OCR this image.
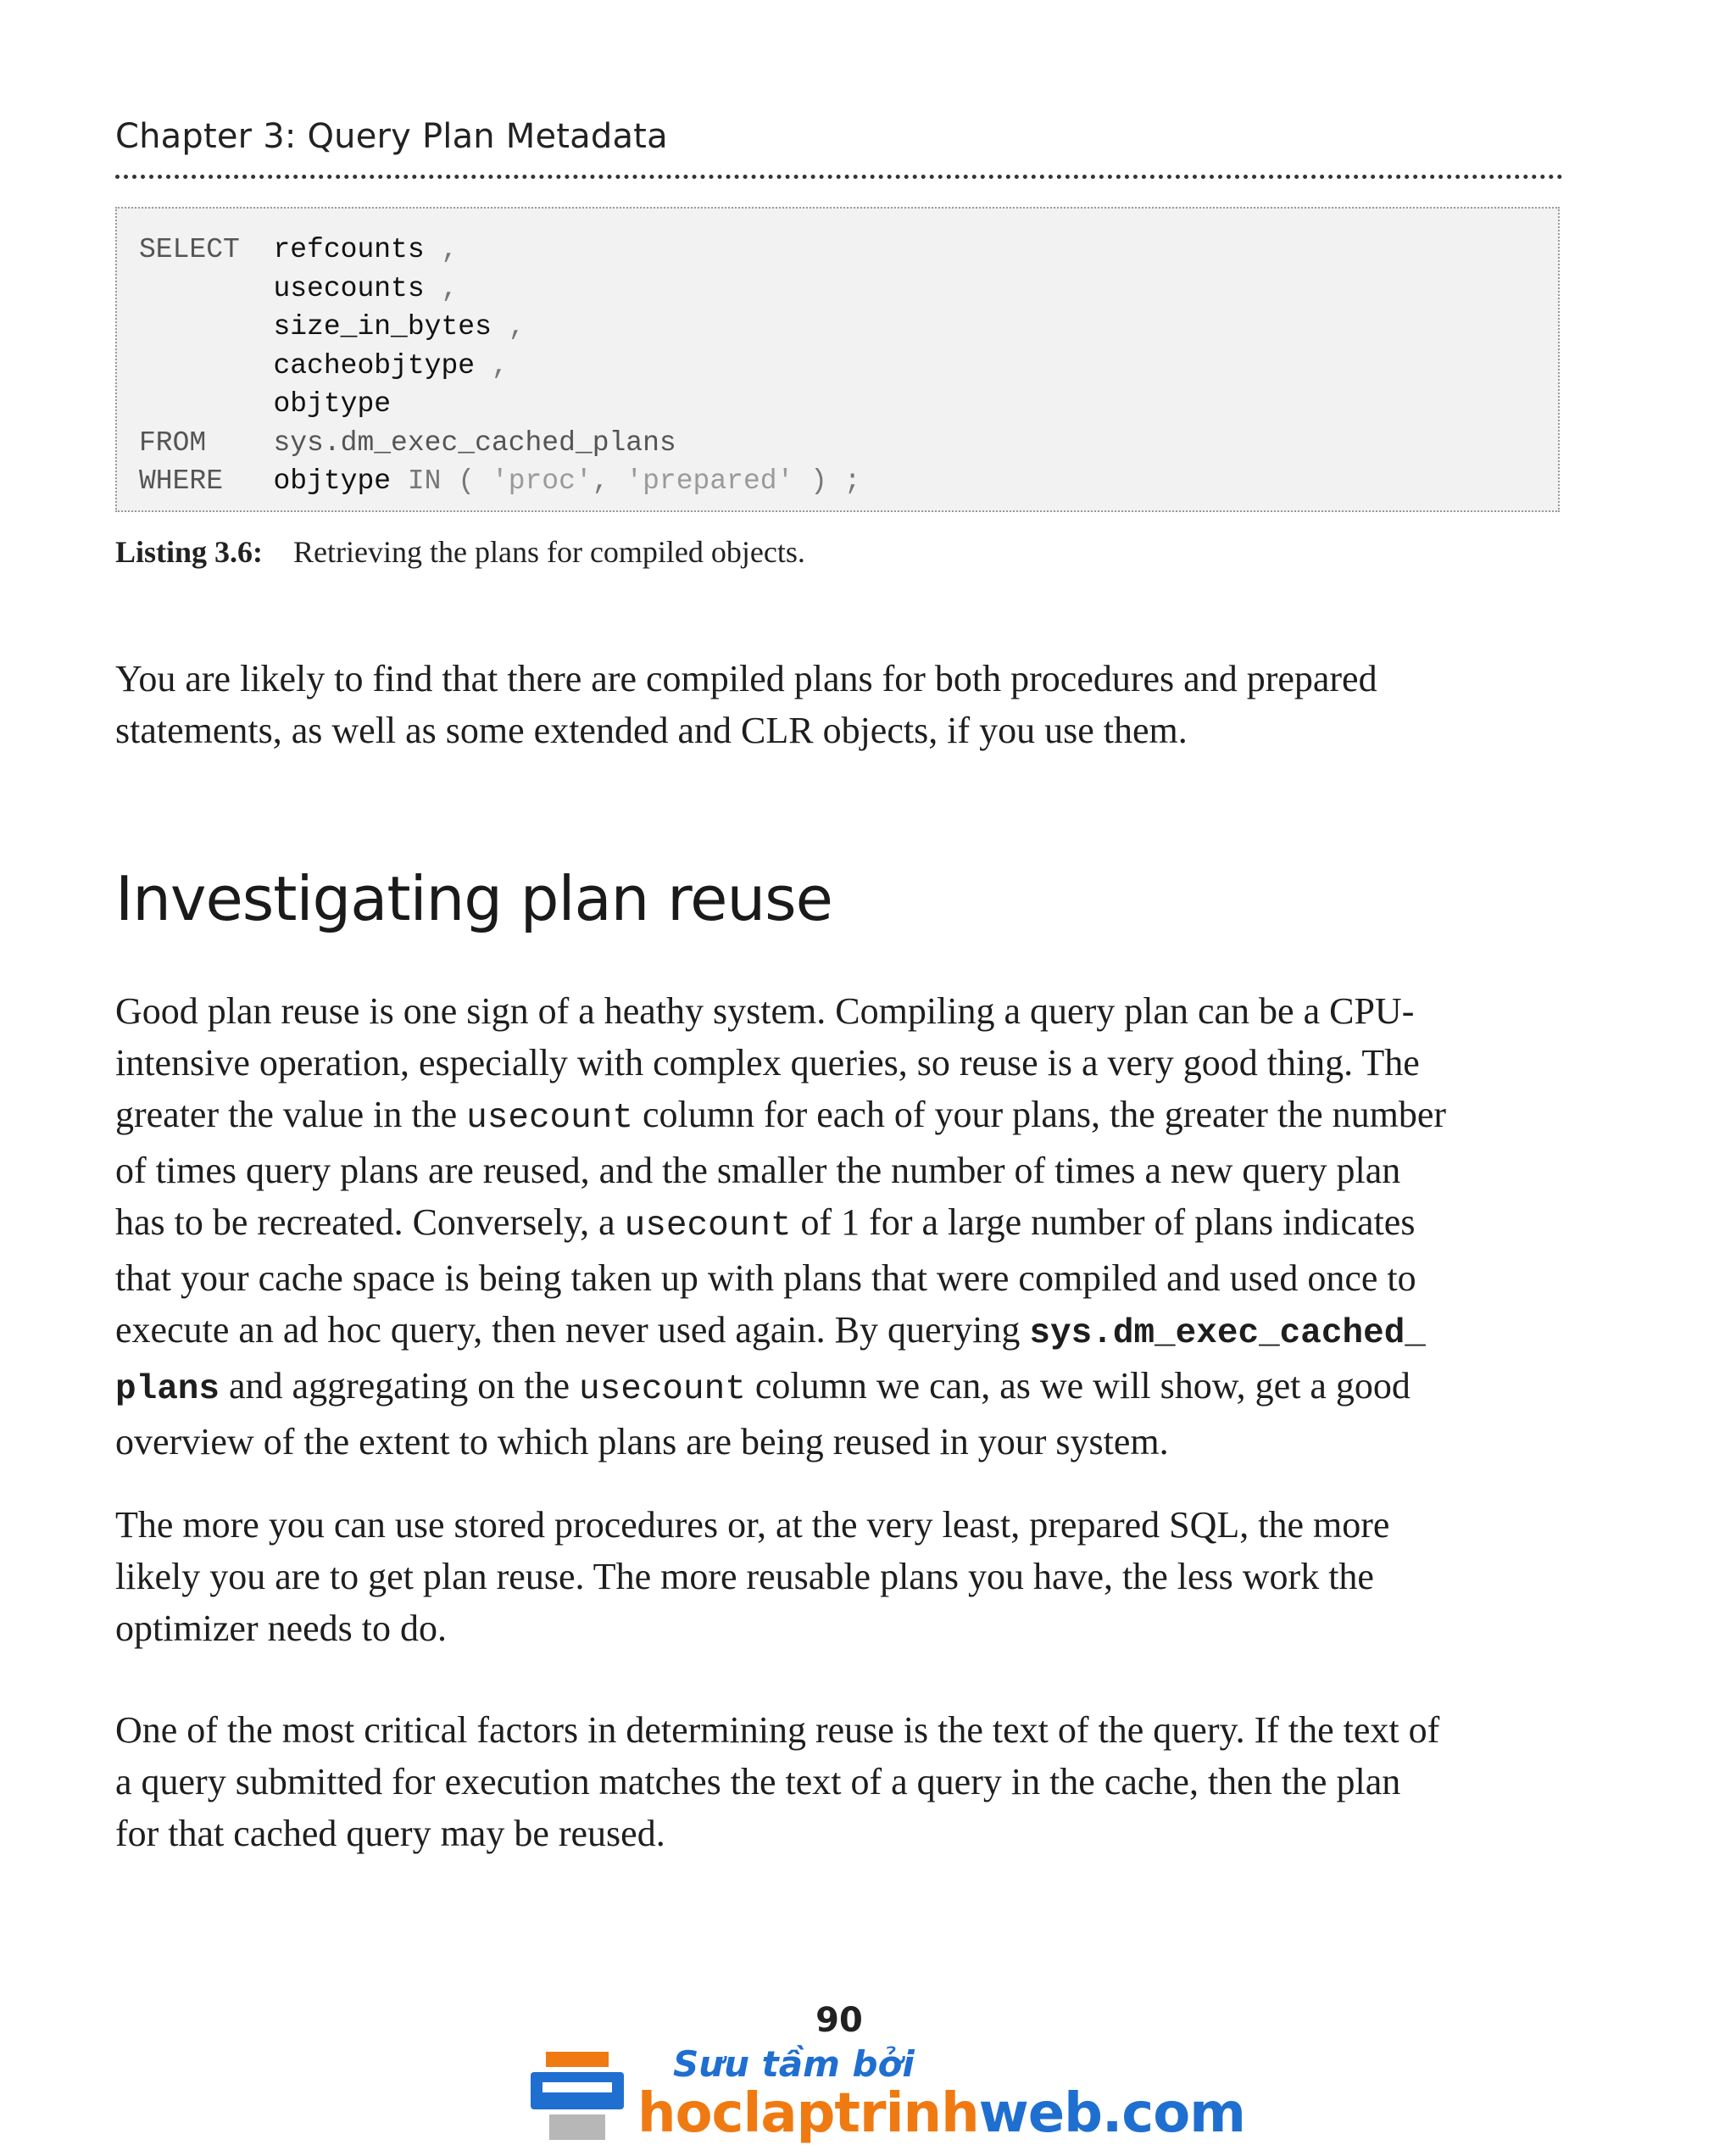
Chapter 3: Query Plan Metadata
SELECT  refcounts ,
usecounts ,
size_in_bytes ,
cacheobjtype ,
objtype
FROM    sys.dm_exec_cached_plans
WHERE   objtype IN ( 'proc', 'prepared' ) ;
Listing 3.6: Retrieving the plans for compiled objects.
You are likely to find that there are compiled plans for both procedures and prepared
statements, as well as some extended and CLR objects, if you use them.
Investigating plan reuse
Good plan reuse is one sign of a heathy system. Compiling a query plan can be a CPU-
intensive operation, especially with complex queries, so reuse is a very good thing. The
greater the value in the usecount column for each of your plans, the greater the number
of times query plans are reused, and the smaller the number of times a new query plan
has to be recreated. Conversely, a usecount of 1 for a large number of plans indicates
that your cache space is being taken up with plans that were compiled and used once to
execute an ad hoc query, then never used again. By querying sys.dm_exec_cached_
plans and aggregating on the usecount column we can, as we will show, get a good
overview of the extent to which plans are being reused in your system.
The more you can use stored procedures or, at the very least, prepared SQL, the more
likely you are to get plan reuse. The more reusable plans you have, the less work the
optimizer needs to do.
One of the most critical factors in determining reuse is the text of the query. If the text of
a query submitted for execution matches the text of a query in the cache, then the plan
for that cached query may be reused.
90
Sưu tầm bởi
hoclaptrinhweb.com
